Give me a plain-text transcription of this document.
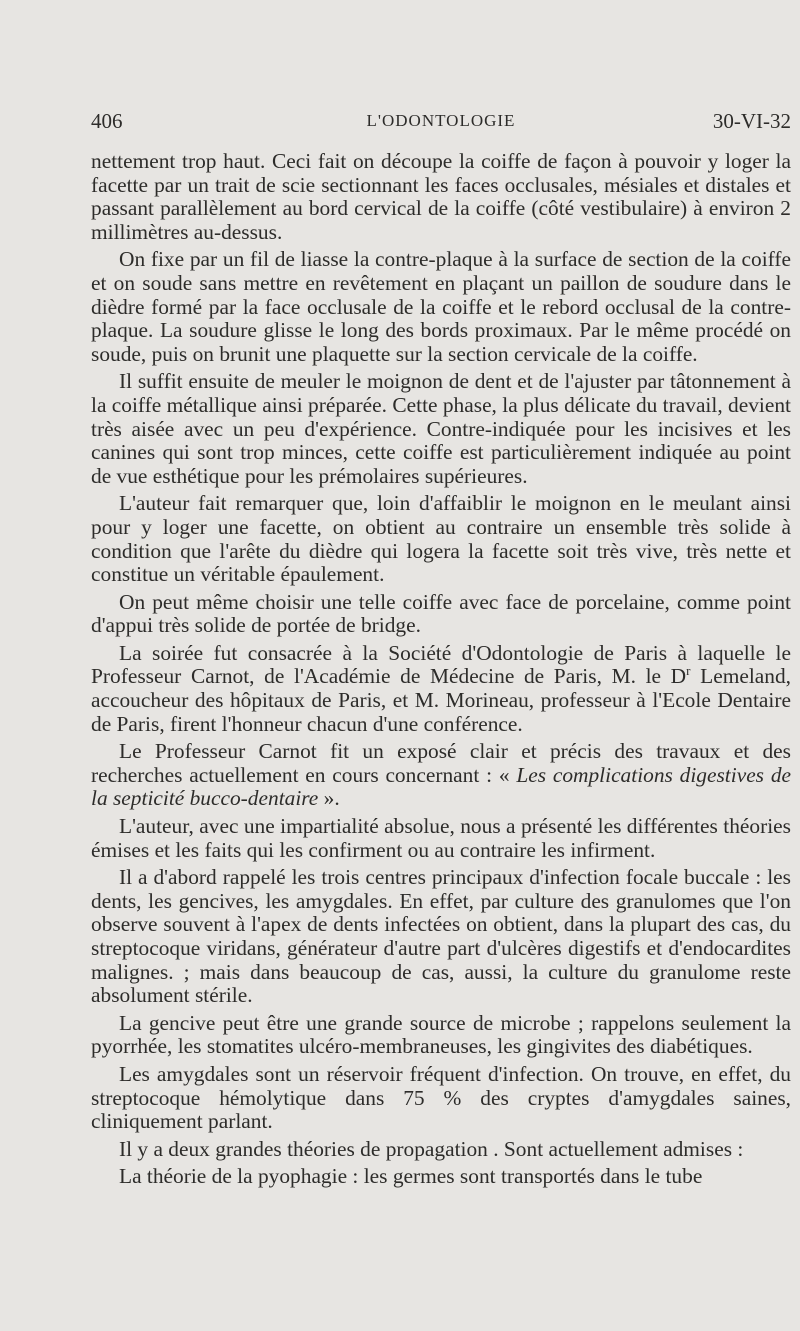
406	L'ODONTOLOGIE	30-VI-32

nettement trop haut. Ceci fait on découpe la coiffe de façon à pouvoir y loger la facette par un trait de scie sectionnant les faces occlusales, mésiales et distales et passant parallèlement au bord cervical de la coiffe (côté vestibulaire) à environ 2 millimètres au-dessus.

On fixe par un fil de liasse la contre-plaque à la surface de section de la coiffe et on soude sans mettre en revêtement en plaçant un paillon de soudure dans le dièdre formé par la face occlusale de la coiffe et le rebord occlusal de la contre-plaque. La soudure glisse le long des bords proximaux. Par le même procédé on soude, puis on brunit une plaquette sur la section cervicale de la coiffe.

Il suffit ensuite de meuler le moignon de dent et de l'ajuster par tâtonnement à la coiffe métallique ainsi préparée. Cette phase, la plus délicate du travail, devient très aisée avec un peu d'expérience. Contre-indiquée pour les incisives et les canines qui sont trop minces, cette coiffe est particulièrement indiquée au point de vue esthétique pour les prémolaires supérieures.

L'auteur fait remarquer que, loin d'affaiblir le moignon en le meulant ainsi pour y loger une facette, on obtient au contraire un ensemble très solide à condition que l'arête du dièdre qui logera la facette soit très vive, très nette et constitue un véritable épaulement.

On peut même choisir une telle coiffe avec face de porcelaine, comme point d'appui très solide de portée de bridge.

La soirée fut consacrée à la Société d'Odontologie de Paris à laquelle le Professeur Carnot, de l'Académie de Médecine de Paris, M. le $D^r$ Lemeland, accoucheur des hôpitaux de Paris, et M. Morineau, professeur à l'Ecole Dentaire de Paris, firent l'honneur chacun d'une conférence.

Le Professeur Carnot fit un exposé clair et précis des travaux et des recherches actuellement en cours concernant : « Les complications digestives de la septicité bucco-dentaire ».

L'auteur, avec une impartialité absolue, nous a présenté les différentes théories émises et les faits qui les confirment ou au contraire les infirment.

Il a d'abord rappelé les trois centres principaux d'infection focale buccale : les dents, les gencives, les amygdales. En effet, par culture des granulomes que l'on observe souvent à l'apex de dents infectées on obtient, dans la plupart des cas, du streptocoque viridans, générateur d'autre part d'ulcères digestifs et d'endocardites malignes. ; mais dans beaucoup de cas, aussi, la culture du granulome reste absolument stérile.

La gencive peut être une grande source de microbe ; rappelons seulement la pyorrhée, les stomatites ulcéro-membraneuses, les gingivites des diabétiques.

Les amygdales sont un réservoir fréquent d'infection. On trouve, en effet, du streptocoque hémolytique dans 75 % des cryptes d'amygdales saines, cliniquement parlant.

Il y a deux grandes théories de propagation . Sont actuellement admises :

La théorie de la pyophagie : les germes sont transportés dans le tube
